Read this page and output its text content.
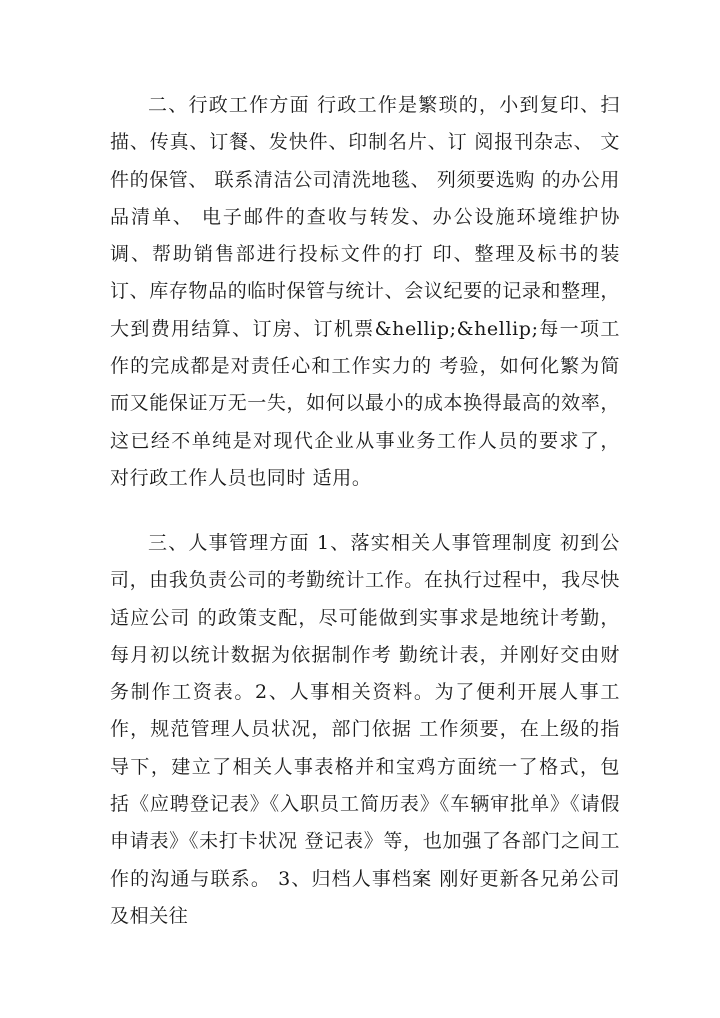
二、行政工作方面 行政工作是繁琐的，小到复印、扫描、传真、订餐、发快件、印制名片、订 阅报刊杂志、 文件的保管、 联系清洁公司清洗地毯、 列须要选购 的办公用品清单、 电子邮件的查收与转发、办公设施环境维护协调、帮助销售部进行投标文件的打 印、整理及标书的装订、库存物品的临时保管与统计、会议纪要的记录和整理， 大到费用结算、订房、订机票&hellip;&hellip;每一项工作的完成都是对责任心和工作实力的 考验，如何化繁为简而又能保证万无一失，如何以最小的成本换得最高的效率， 这已经不单纯是对现代企业从事业务工作人员的要求了， 对行政工作人员也同时 适用。

三、人事管理方面 1、落实相关人事管理制度 初到公司，由我负责公司的考勤统计工作。在执行过程中，我尽快适应公司 的政策支配，尽可能做到实事求是地统计考勤，每月初以统计数据为依据制作考 勤统计表，并刚好交由财务制作工资表。2、人事相关资料。为了便利开展人事工作，规范管理人员状况，部门依据 工作须要，在上级的指导下，建立了相关人事表格并和宝鸡方面统一了格式，包 括《应聘登记表》《入职员工简历表》《车辆审批单》《请假申请表》《未打卡状况 登记表》等，也加强了各部门之间工作的沟通与联系。 3、归档人事档案 刚好更新各兄弟公司及相关往
